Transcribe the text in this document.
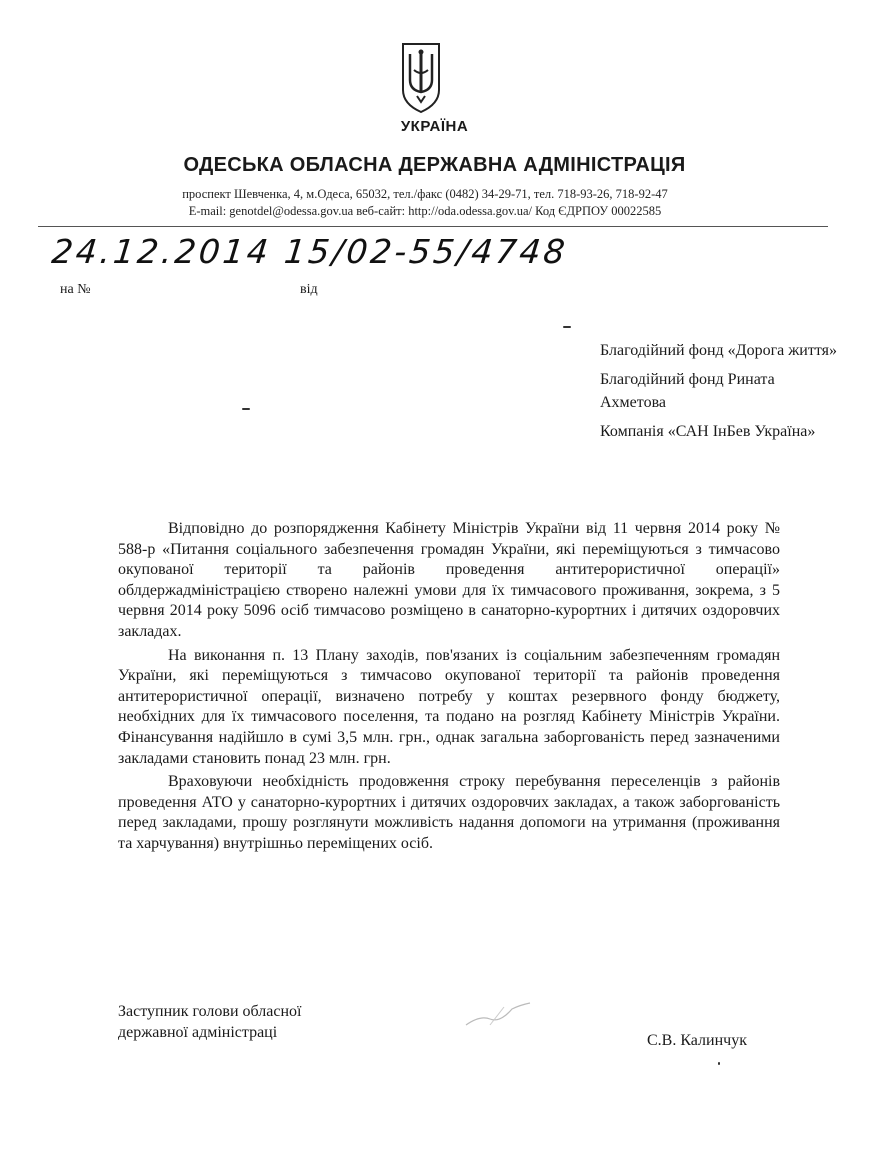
УКРАЇНА
ОДЕСЬКА ОБЛАСНА ДЕРЖАВНА АДМІНІСТРАЦІЯ
проспект Шевченка, 4, м.Одеса, 65032, тел./факс (0482) 34-29-71, тел. 718-93-26, 718-92-47
E-mail: genotdel@odessa.gov.ua веб-сайт: http://oda.odessa.gov.ua/ Код ЄДРПОУ 00022585
24.12.2014 15/02-55/4748
на №	від
Благодійний фонд «Дорога життя»
Благодійний фонд Рината Ахметова
Компанія «САН ІнБев Україна»

Відповідно до розпорядження Кабінету Міністрів України від 11 червня 2014 року № 588-р «Питання соціального забезпечення громадян України, які переміщуються з тимчасово окупованої території та районів проведення антитерористичної операції» облдержадміністрацією створено належні умови для їх тимчасового проживання, зокрема, з 5 червня 2014 року 5096 осіб тимчасово розміщено в санаторно-курортних і дитячих оздоровчих закладах.

На виконання п. 13 Плану заходів, пов'язаних із соціальним забезпеченням громадян України, які переміщуються з тимчасово окупованої території та районів проведення антитерористичної операції, визначено потребу у коштах резервного фонду бюджету, необхідних для їх тимчасового поселення, та подано на розгляд Кабінету Міністрів України. Фінансування надійшло в сумі 3,5 млн. грн., однак загальна заборгованість перед зазначеними закладами становить понад 23 млн. грн.

Враховуючи необхідність продовження строку перебування переселенців з районів проведення АТО у санаторно-курортних і дитячих оздоровчих закладах, а також заборгованість перед закладами, прошу розглянути можливість надання допомоги на утримання (проживання та харчування) внутрішньо переміщених осіб.

Заступник голови обласної
державної адміністраці	С.В. Калинчук
